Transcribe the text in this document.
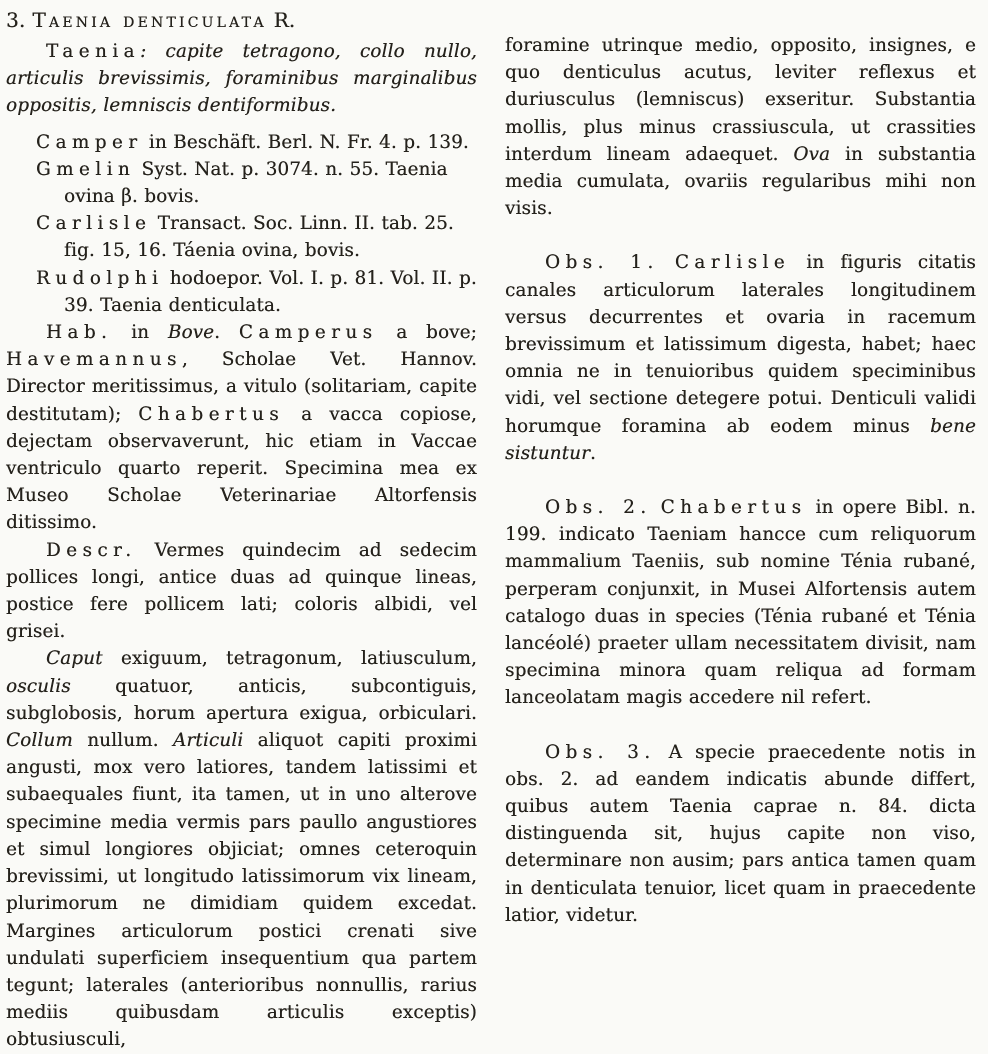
3. Taenia denticulata R.

Taenia: capite tetragono, collo nullo, articulis brevissimis, foraminibus marginalibus oppositis, lemniscis dentiformibus.

Camper in Beschäft. Berl. N. Fr. 4. p. 139.

Gmelin Syst. Nat. p. 3074. n. 55. Taenia ovina β. bovis.

Carlisle Transact. Soc. Linn. II. tab. 25. fig. 15, 16. Táenia ovina, bovis.

Rudolphi hodoepor. Vol. I. p. 81. Vol. II. p. 39. Taenia denticulata.

Hab. in Bove. Camperus a bove; Havemannus, Scholae Vet. Hannov. Director meritissimus, a vitulo (solitariam, capite destitutam); Chabertus a vacca copiose, dejectam observaverunt, hic etiam in Vaccae ventriculo quarto reperit. Specimina mea ex Museo Scholae Veterinariae Altorfensis ditissimo.

Descr. Vermes quindecim ad sedecim pollices longi, antice duas ad quinque lineas, postice fere pollicem lati; coloris albidi, vel grisei.

Caput exiguum, tetragonum, latiusculum, osculis quatuor, anticis, subcontiguis, subglobosis, horum apertura exigua, orbiculari. Collum nullum. Articuli aliquot capiti proximi angusti, mox vero latiores, tandem latissimi et subaequales fiunt, ita tamen, ut in uno alterove specimine media vermis pars paullo angustiores et simul longiores objiciat; omnes ceteroquin brevissimi, ut longitudo latissimorum vix lineam, plurimorum ne dimidiam quidem excedat. Margines articulorum postici crenati sive undulati superficiem insequentium qua partem tegunt; laterales (anterioribus nonnullis, rarius mediis quibusdam articulis exceptis) obtusiusculi,

foramine utrinque medio, opposito, insignes, e quo denticulus acutus, leviter reflexus et duriusculus (lemniscus) exseritur. Substantia mollis, plus minus crassiuscula, ut crassities interdum lineam adaequet. Ova in substantia media cumulata, ovariis regularibus mihi non visis.

Obs. 1. Carlisle in figuris citatis canales articulorum laterales longitudinem versus decurrentes et ovaria in racemum brevissimum et latissimum digesta, habet; haec omnia ne in tenuioribus quidem speciminibus vidi, vel sectione detegere potui. Denticuli validi horumque foramina ab eodem minus bene sistuntur.

Obs. 2. Chabertus in opere Bibl. n. 199. indicato Taeniam hancce cum reliquorum mammalium Taeniis, sub nomine Ténia rubané, perperam conjunxit, in Musei Alfortensis autem catalogo duas in species (Ténia rubané et Ténia lancéolé) praeter ullam necessitatem divisit, nam specimina minora quam reliqua ad formam lanceolatam magis accedere nil refert.

Obs. 3. A specie praecedente notis in obs. 2. ad eandem indicatis abunde differt, quibus autem Taenia caprae n. 84. dicta distinguenda sit, hujus capite non viso, determinare non ausim; pars antica tamen quam in denticulata tenuior, licet quam in praecedente latior, videtur.
